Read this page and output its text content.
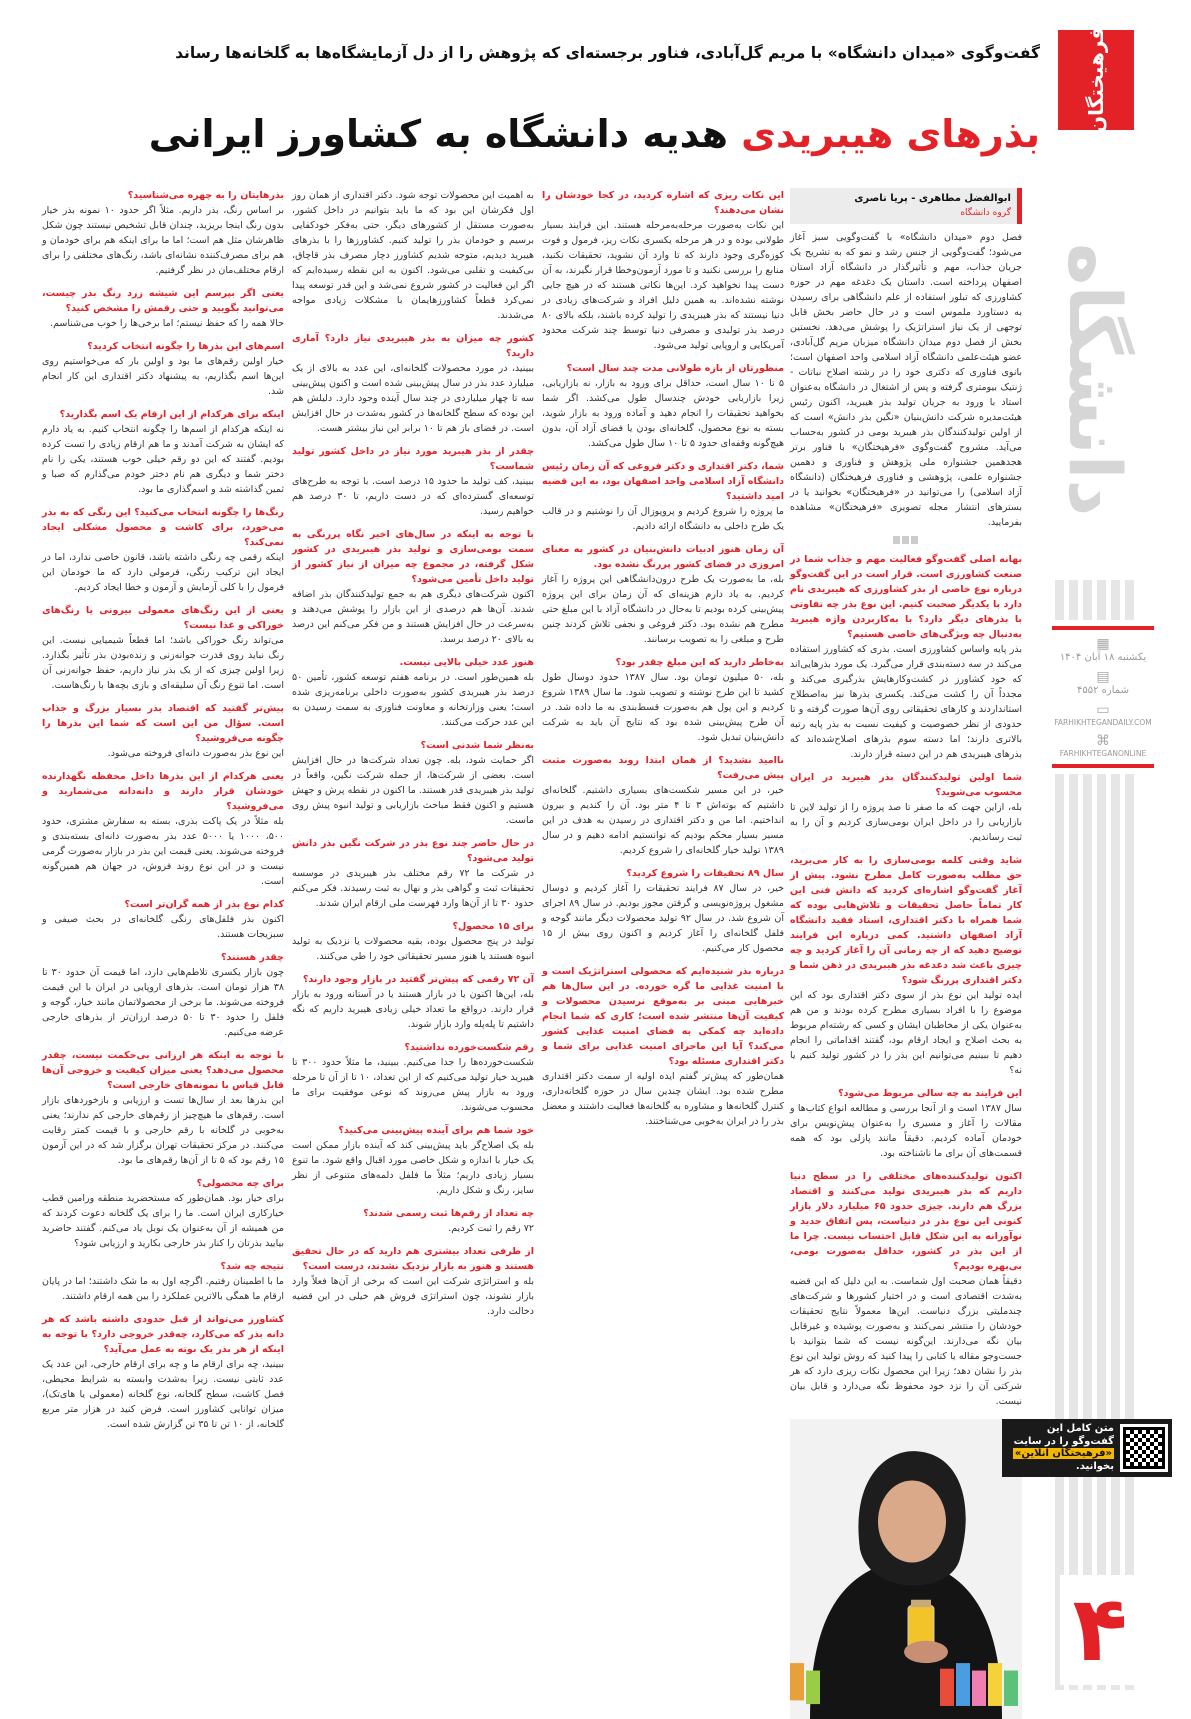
فرهیختگان
دانشگاه
▦
یکشنبه ۱۸ آبان ۱۴۰۴
▤
شماره ۴۵۵۲
▭
FARHIKHTEGANDAILY.COM
⌘
FARHIKHTEGANONLINE
۴
گفت‌وگوی «میدان دانشگاه» با مریم گل‌آبادی، فناور برجسته‌ای که پژوهش را از دل آزمایشگاه‌ها به گلخانه‌ها رساند
بذرهای هیبریدی هدیه دانشگاه به کشاورز ایرانی
ابوالفضل مطاهری - پریا ناصری
گروه دانشگاه

فصل دوم «میدان دانشگاه» با گفت‌وگویی سبز آغاز می‌شود؛ گفت‌وگویی از جنس رشد و نمو که به تشریح یک جریان جذاب، مهم و تأثیرگذار در دانشگاه آزاد استان اصفهان پرداخته است. داستان یک دغدغه مهم در حوزه کشاورزی که تبلور استفاده از علم دانشگاهی برای رسیدن به دستاورد ملموس است و در حال حاضر بخش قابل توجهی از یک نیاز استراتژیک را پوشش می‌دهد. نخستین بخش از فصل دوم میدان دانشگاه میزبان مریم گل‌آبادی، عضو هیئت‌علمی دانشگاه آزاد اسلامی واحد اصفهان است؛ بانوی فناوری که دکتری خود را در رشته اصلاح نباتات - ژنتیک بیومتری گرفته و پس از اشتغال در دانشگاه به‌عنوان استاد با ورود به جریان تولید بذر هیبرید، اکنون رئیس هیئت‌مدیره شرکت دانش‌بنیان «نگین بذر دانش» است که از اولین تولیدکنندگان بذر هیبرید بومی در کشور به‌حساب می‌آید. مشروح گفت‌وگوی «فرهیختگان» با فناور برتر هجدهمین جشنواره ملی پژوهش و فناوری و دهمین جشنواره علمی، پژوهشی و فناوری فرهیختگان (دانشگاه آزاد اسلامی) را می‌توانید در «فرهیختگان» بخوانید یا در بسترهای انتشار مجله تصویری «فرهیختگان» مشاهده بفرمایید.

بهانه اصلی گفت‌وگو فعالیت مهم و جذاب شما در صنعت کشاورزی است. قرار است در این گفت‌وگو درباره نوع خاصی از بذر کشاورزی که هیبریدی نام دارد با یکدیگر صحبت کنیم. این نوع بذر چه تفاوتی با بذرهای دیگر دارد؟ با به‌کاربردن واژه هیبرید به‌دنبال چه ویژگی‌های خاصی هستیم؟

بذر پایه‌ واساس کشاورزی است. بذری که کشاورز استفاده می‌کند در سه دسته‌بندی قرار می‌گیرد. یک مورد بذرهایی‌اند که خود کشاورز در کشت‌وکارهایش بذرگیری می‌کند و مجدداً آن را کشت می‌کند. یکسری بذرها نیز به‌اصطلاح استاندارد‌ند و کارهای تحقیقاتی روی آن‌ها صورت گرفته و تا حدودی از نظر خصوصیت و کیفیت نسبت به بذر پایه رتبه بالاتری دارند؛ اما دسته سوم بذرهای اصلاح‌شده‌اند که بذرهای هیبریدی هم در این دسته قرار دارند.

شما اولین تولیدکنندگان بذر هیبرید در ایران محسوب می‌شوید؟

بله، ازاین جهت که ما صفر تا صد پروژه را از تولید لاین تا بازاریابی را در داخل ایران بومی‌سازی کردیم و آن را به ثبت رساندیم.

شاید وقتی کلمه بومی‌سازی را به کار می‌برید، حق مطلب به‌صورت کامل مطرح نشود. پیش از آغاز گفت‌وگو اشاره‌ای کردید که دانش فنی این کار تماماً حاصل تحقیقات و تلاش‌هایی بوده که شما همراه با دکتر اقتداری، استاد فقید دانشگاه آزاد اصفهان داشتید. کمی درباره این فرایند توضیح دهید که از چه زمانی آن را آغاز کردید و چه چیزی باعث شد دغدغه بذر هیبریدی در ذهن شما و دکتر اقتداری پررنگ شود؟

ایده تولید این نوع بذر از سوی دکتر اقتداری بود که این موضوع را با افراد بسیاری مطرح کرده بودند و من هم به‌عنوان یکی از مخاطبان ایشان و کسی که رشته‌ام مربوط به بحث اصلاح و ایجاد ارقام بود، گفتند اقداماتی را انجام دهیم تا ببینیم می‌توانیم این بذر را در کشور تولید کنیم یا نه؟

این فرایند به چه سالی مربوط می‌شود؟

سال ۱۳۸۷ است و از آنجا بررسی و مطالعه انواع کتاب‌ها و مقالات را آغاز و مسیری را به‌عنوان پیش‌نویس برای خودمان آماده کردیم. دقیقاً مانند پازلی بود که همه قسمت‌های آن برای ما ناشناخته بود.

اکنون تولیدکننده‌های مختلفی را در سطح دنیا داریم که بذر هیبریدی تولید می‌کنند و اقتصاد بزرگ هم دارند. چیزی حدود ۶۵ میلیارد دلار بازار کنونی این نوع بذر در دنیاست، پس اتفاق جدید و نوآورانه به این شکل قابل احتساب نیست. چرا ما از این بذر در کشور، حداقل به‌صورت بومی، بی‌بهره بودیم؟

دقیقاً همان صحبت اول شماست. به این دلیل که این قضیه به‌شدت اقتصادی است و در اختیار کشورها و شرکت‌های چندملیتی بزرگ دنیاست. این‌ها معمولاً نتایج تحقیقات خودشان را منتشر نمی‌کنند و به‌صورت پوشیده و غیرقابل بیان نگه می‌دارند. این‌گونه نیست که شما بتوانید با جست‌وجو مقاله یا کتابی را پیدا کنید که روش تولید این نوع بذر را نشان دهد؛ زیرا این محصول نکات ریزی دارد که هر شرکتی آن را نزد خود محفوظ نگه می‌دارد و قابل بیان نیست.

متن کامل این
گفت‌وگو را در سایت
«فرهیختگان آنلاین»
بخوانید.
این نکات ریزی که اشاره کردید، در کجا خودشان را نشان می‌دهند؟

این نکات به‌صورت مرحله‌به‌مرحله هستند. این فرایند بسیار طولانی بوده و در هر مرحله یکسری نکات ریز، فرمول و فوت کوزه‌گری وجود دارند که تا وارد آن نشوید، تحقیقات نکنید، منابع را بررسی نکنید و تا مورد آزمون‌وخطا قرار نگیرند، به آن دست پیدا نخواهید کرد. این‌ها نکاتی هستند که در هیچ جایی نوشته نشده‌اند. به همین دلیل افراد و شرکت‌های زیادی در دنیا نیستند که بذر هیبریدی را تولید کرده باشند، بلکه بالای ۸۰ درصد بذر تولیدی و مصرفی دنیا توسط چند شرکت محدود آمریکایی و اروپایی تولید می‌شود.

منظورتان از بازه طولانی مدت چند سال است؟

۵ تا ۱۰ سال است، حداقل برای ورود به بازار، نه بازاریابی، زیرا بازاریابی خودش چندسال طول می‌کشد. اگر شما بخواهید تحقیقات را انجام دهید و آماده ورود به بازار شوید، بسته به نوع محصول، گلخانه‌ای بودن یا فضای آزاد آن، بدون هیچ‌گونه وقفه‌ای حدود ۵ تا ۱۰ سال طول می‌کشد.

شما، دکتر اقتداری و دکتر فروغی که آن زمان رئیس دانشگاه آزاد اسلامی واحد اصفهان بود، به این قضیه امید داشتید؟

ما پروژه را شروع کردیم و پروپوزال آن را نوشتیم و در قالب یک طرح داخلی به دانشگاه ارائه دادیم.

آن زمان هنوز ادبیات دانش‌بنیان در کشور به معنای امروزی در فضای کشور پررنگ نشده بود.

بله، ما به‌صورت یک طرح درون‌دانشگاهی این پروژه را آغاز کردیم. به یاد دارم هزینه‌ای که آن زمان برای این پروژه پیش‌بینی کرده بودیم تا به‌حال در دانشگاه آزاد با این مبلغ حتی مطرح هم نشده بود. دکتر فروغی و نجفی تلاش کردند چنین طرح و مبلغی را به تصویب برسانند.

به‌خاطر دارید که این مبلغ چقدر بود؟

بله، ۵۰ میلیون تومان بود. سال ۱۳۸۷ حدود دوسال طول کشید تا این طرح نوشته و تصویب شود. ما سال ۱۳۸۹ شروع کردیم و این پول هم به‌صورت قسط‌بندی به ما داده شد. در آن طرح پیش‌بینی شده بود که نتایج آن باید به شرکت دانش‌بنیان تبدیل شود.

ناامید نشدید؟ از همان ابتدا روند به‌صورت مثبت پیش می‌رفت؟

خیر، در این مسیر شکست‌های بسیاری داشتیم. گلخانه‌ای داشتیم که بوته‌اش ۳ تا ۴ متر بود. آن را کندیم و بیرون انداختیم. اما من و دکتر اقتداری در رسیدن به هدف در این مسیر بسیار محکم بودیم که توانستیم ادامه دهیم و در سال ۱۳۸۹ تولید خیار گلخانه‌ای را شروع کردیم.

سال ۸۹ تحقیقات را شروع کردید؟

خیر، در سال ۸۷ فرایند تحقیقات را آغاز کردیم و دوسال مشغول پروژه‌نویسی و گرفتن مجوز بودیم. در سال ۸۹ اجرای آن شروع شد. در سال ۹۲ تولید محصولات دیگر مانند گوجه و فلفل گلخانه‌ای را آغاز کردیم و اکنون روی بیش از ۱۵ محصول کار می‌کنیم.

درباره بذر شنیده‌ایم که محصولی استراتژیک است و با امنیت غذایی ما گره خورده. در این سال‌ها هم خبرهایی مبنی بر به‌موقع نرسیدن محصولات و کیفیت آن‌ها منتشر شده است؛ کاری که شما انجام داده‌اید چه کمکی به فضای امنیت غذایی کشور می‌کند؟ آیا این ماجرای امنیت غذایی برای شما و دکتر اقتداری مسئله بود؟

همان‌طور که پیش‌تر گفتم ایده اولیه از سمت دکتر اقتداری مطرح شده بود. ایشان چندین سال در حوزه گلخانه‌داری، کنترل گلخانه‌ها و مشاوره به گلخانه‌ها فعالیت داشتند و معضل بذر را در ایران به‌خوبی می‌شناختند.

به اهمیت این محصولات توجه شود. دکتر اقتداری از همان روز اول فکرشان این بود که ما باید بتوانیم در داخل کشور، به‌صورت مستقل از کشورهای دیگر، حتی به‌فکر خودکفایی برسیم و خودمان بذر را تولید کنیم. کشاورزها را با بذرهای هیبرید دیدیم، متوجه شدیم کشاورز دچار مصرف بذر قاچاق، بی‌کیفیت و تقلبی می‌شود. اکنون به این نقطه رسیده‌ایم که اگر این فعالیت در کشور شروع نمی‌شد و این قدر توسعه پیدا نمی‌کرد قطعاً کشاورزهایمان با مشکلات زیادی مواجه می‌شدند.

کشور چه میزان به بذر هیبریدی نیاز دارد؟ آماری دارید؟

ببینید، در مورد محصولات گلخانه‌ای، این عدد به بالای از یک میلیارد عدد بذر در سال پیش‌بینی شده است و اکنون پیش‌بینی سه تا چهار میلیاردی در چند سال آینده وجود دارد. دلیلش هم این بوده که سطح گلخانه‌ها در کشور به‌شدت در حال افزایش است. در فضای باز هم تا ۱۰ برابر این نیاز بیشتر هست.

چقدر از بذر هیبرید مورد نیاز در داخل کشور تولید شماست؟

ببینید، کف تولید ما حدود ۱۵ درصد است. با توجه به طرح‌های توسعه‌ای گسترده‌ای که در دست داریم، تا ۳۰ درصد هم خواهیم رسید.

با توجه به اینکه در سال‌های اخیر نگاه پررنگی به سمت بومی‌سازی و تولید بذر هیبریدی در کشور شکل گرفته، در مجموع چه میزان از نیاز کشور از تولید داخل تأمین می‌شود؟

اکنون شرکت‌های دیگری هم به جمع تولیدکنندگان بذر اضافه شدند. آن‌ها هم درصدی از این بازار را پوشش می‌دهند و به‌سرعت در حال افزایش هستند و من فکر می‌کنم این درصد به بالای ۲۰ درصد برسد.

هنوز عدد خیلی بالایی نیست.

بله همین‌طور است. در برنامه هفتم توسعه کشور، تأمین ۵۰ درصد بذر هیبریدی کشور به‌صورت داخلی برنامه‌ریزی شده است؛ یعنی وزارتخانه و معاونت فناوری به سمت رسیدن به این عدد حرکت می‌کنند.

به‌نظر شما شدنی است؟

اگر حمایت شود، بله. چون تعداد شرکت‌ها در حال افزایش است. بعضی از شرکت‌ها، از جمله شرکت نگین، واقعاً در تولید بذر هیبریدی قدر هستند. ما اکنون در نقطه پرش و جهش هستیم و اکنون فقط مباحث بازاریابی و تولید انبوه پیش روی ماست.

در حال حاضر چند نوع بذر در شرکت نگین بذر دانش تولید می‌شود؟

در شرکت ما ۷۲ رقم مختلف بذر هیبریدی در موسسه تحقیقات ثبت و گواهی بذر و نهال به ثبت رسیدند. فکر می‌کنم حدود ۳۰ تا از آن‌ها وارد فهرست ملی ارقام ایران شدند.

برای ۱۵ محصول؟

تولید در پنج محصول بوده، بقیه محصولات یا نزدیک به تولید انبوه هستند یا هنوز مسیر تحقیقاتی خود را طی می‌کنند.

آن ۷۲ رقمی که پیش‌تر گفتید در بازار وجود دارند؟

بله، این‌ها اکنون یا در بازار هستند یا در آستانه ورود به بازار قرار دارند. درواقع ما تعداد خیلی زیادی هیبرید داریم که نگه داشتیم تا پله‌پله وارد بازار شوند.

رقم شکست‌خورده نداشتید؟

شکست‌خورده‌ها را جدا می‌کنیم. ببینید، ما مثلاً حدود ۳۰۰ تا هیبرید خیار تولید می‌کنیم که از این تعداد، ۱۰ تا از آن تا مرحله ورود به بازار پیش می‌روند که نوعی موفقیت برای ما محسوب می‌شوند.

خود شما هم برای آینده پیش‌بینی می‌کنید؟

بله یک اصلاح‌گر باید پیش‌بینی کند که آینده بازار ممکن است یک خیار با اندازه و شکل خاصی مورد اقبال واقع شود. ما تنوع بسیار زیادی داریم؛ مثلاً ما فلفل دلمه‌های متنوعی از نظر سایز، رنگ و شکل داریم.

چه تعداد از رقم‌ها ثبت رسمی شدند؟

۷۲ رقم را ثبت کردیم.

از طرفی تعداد بیشتری هم دارید که در حال تحقیق هستند و هنوز به بازار نزدیک نشدند، درست است؟

بله و استراتژی شرکت این است که برخی از آن‌ها فعلاً وارد بازار نشوند، چون استراتژی فروش هم خیلی در این قضیه دخالت دارد.

بذرهایتان را به چهره می‌شناسید؟

بر اساس رنگ، بذر داریم. مثلاً اگر حدود ۱۰ نمونه بذر خیار بدون رنگ اینجا بریزید، چندان قابل تشخیص نیستند چون شکل ظاهرشان مثل هم است؛ اما ما برای اینکه هم برای خودمان و هم برای مصرف‌کننده نشانه‌ای باشد، رنگ‌های مختلفی را برای ارقام مختلف‌مان در نظر گرفتیم.

یعنی اگر بپرسم این شیشه زرد رنگ بذر چیست، می‌توانید بگویید و حتی رقمش را مشخص کنید؟

حالا همه را که حفظ نیستم؛ اما برخی‌ها را خوب می‌شناسم.

اسم‌های این بذرها را چگونه انتخاب کردید؟

خیار اولین رقم‌های ما بود و اولین بار که می‌خواستیم روی این‌ها اسم بگذاریم، به پیشنهاد دکتر اقتداری این کار انجام شد.

اینکه برای هرکدام از این ارقام یک اسم بگذارید؟

نه اینکه هرکدام از اسم‌ها را چگونه انتخاب کنیم. به یاد دارم که ایشان به شرکت آمدند و ما هم ارقام زیادی را تست کرده بودیم. گفتند که این دو رقم خیلی خوب هستند، یکی را نام دختر شما و دیگری هم نام دختر خودم می‌گذارم که صبا و ثمین گذاشته شد و اسم‌گذاری ما بود.

رنگ‌ها را چگونه انتخاب می‌کنید؟ این رنگی که به بذر می‌خورد، برای کاشت و محصول مشکلی ایجاد نمی‌کند؟

اینکه رقمی چه رنگی داشته باشد، قانون خاصی ندارد، اما در ایجاد این ترکیب رنگی، فرمولی دارد که ما خودمان این فرمول را با کلی آزمایش و آزمون و خطا ایجاد کردیم.

یعنی از این رنگ‌های معمولی بیرونی یا رنگ‌های خوراکی و غذا نیست؟

می‌تواند رنگ خوراکی باشد؛ اما قطعاً شیمیایی نیست. این رنگ نباید روی قدرت جوانه‌زنی و زنده‌بودن بذر تأثیر بگذارد. زیرا اولین چیزی که از یک بذر نیاز داریم، حفظ جوانه‌زنی آن است. اما تنوع رنگ آن سلیقه‌ای و بازی بچه‌ها با رنگ‌هاست.

پیش‌تر گفتید که اقتصاد بذر بسیار بزرگ و جذاب است. سؤال من این است که شما این بذرها را چگونه می‌فروشید؟

این نوع بذر به‌صورت دانه‌ای فروخته می‌شود.

یعنی هرکدام از این بذرها داخل محفظه نگهدارنده خودشان قرار دارند و دانه‌دانه می‌شمارید و می‌فروشید؟

بله مثلاً در یک پاکت بذری، بسته به سفارش مشتری، حدود ۵۰۰، ۱۰۰۰ یا ۵۰۰۰ عدد بذر به‌صورت دانه‌ای بسته‌بندی و فروخته می‌شوند. یعنی قیمت این بذر در بازار به‌صورت گرمی نیست و در این نوع روند فروش، در جهان هم همین‌گونه است.

کدام نوع بذر از همه گران‌تر است؟

اکنون بذر فلفل‌های رنگی گلخانه‌ای در بحث صیفی و سبزیجات هستند.

چقدر هستند؟

چون بازار یکسری تلاطم‌هایی دارد، اما قیمت آن حدود ۳۰ تا ۳۸ هزار تومان است. بذرهای اروپایی در ایران با این قیمت فروخته می‌شوند. ما برخی از محصولاتمان مانند خیار، گوجه و فلفل را حدود ۳۰ تا ۵۰ درصد ارزان‌تر از بذرهای خارجی عرضه می‌کنیم.

با توجه به اینکه هر ارزانی بی‌حکمت نیست، چقدر محصول می‌دهد؟ یعنی میزان کیفیت و خروجی آن‌ها قابل قیاس با نمونه‌های خارجی است؟

این بذرها بعد از سال‌ها تست و ارزیابی و بازخوردهای بازار است. رقم‌های ما هیچ‌چیز از رقم‌های خارجی کم ندارند؛ یعنی به‌خوبی در گلخانه با رقم خارجی و با قیمت کمتر رقابت می‌کنند. در مرکز تحقیقات تهران برگزار شد که در این آزمون ۱۵ رقم بود که ۵ تا از آن‌ها رقم‌های ما بود.

برای چه محصولی؟

برای خیار بود. همان‌طور که مستحضرید منطقه ورامین قطب خیارکاری ایران است. ما را برای یک گلخانه دعوت کردند که من همیشه از آن به‌عنوان یک نوبل یاد می‌کنم. گفتند حاضرید بیایید بذرتان را کنار بذر خارجی بکارید و ارزیابی شود؟

نتیجه چه شد؟

ما با اطمینان رفتیم. اگرچه اول به ما شک داشتند؛ اما در پایان ارقام ما همگی بالاترین عملکرد را بین همه ارقام داشتند.

کشاورز می‌تواند از قبل حدودی داشته باشد که هر دانه بذر که می‌کارد، چه‌قدر خروجی دارد؟ با توجه به اینکه از هر بذر یک بوته به عمل می‌آید؟

ببینید، چه برای ارقام ما و چه برای ارقام خارجی، این عدد یک عدد ثابتی نیست. زیرا به‌شدت وابسته به شرایط محیطی، فصل کاشت، سطح گلخانه، نوع گلخانه (معمولی یا های‌تک)، میزان توانایی کشاورز است. فرض کنید در هزار متر مربع گلخانه، از ۱۰ تن تا ۳۵ تن گزارش شده است.
